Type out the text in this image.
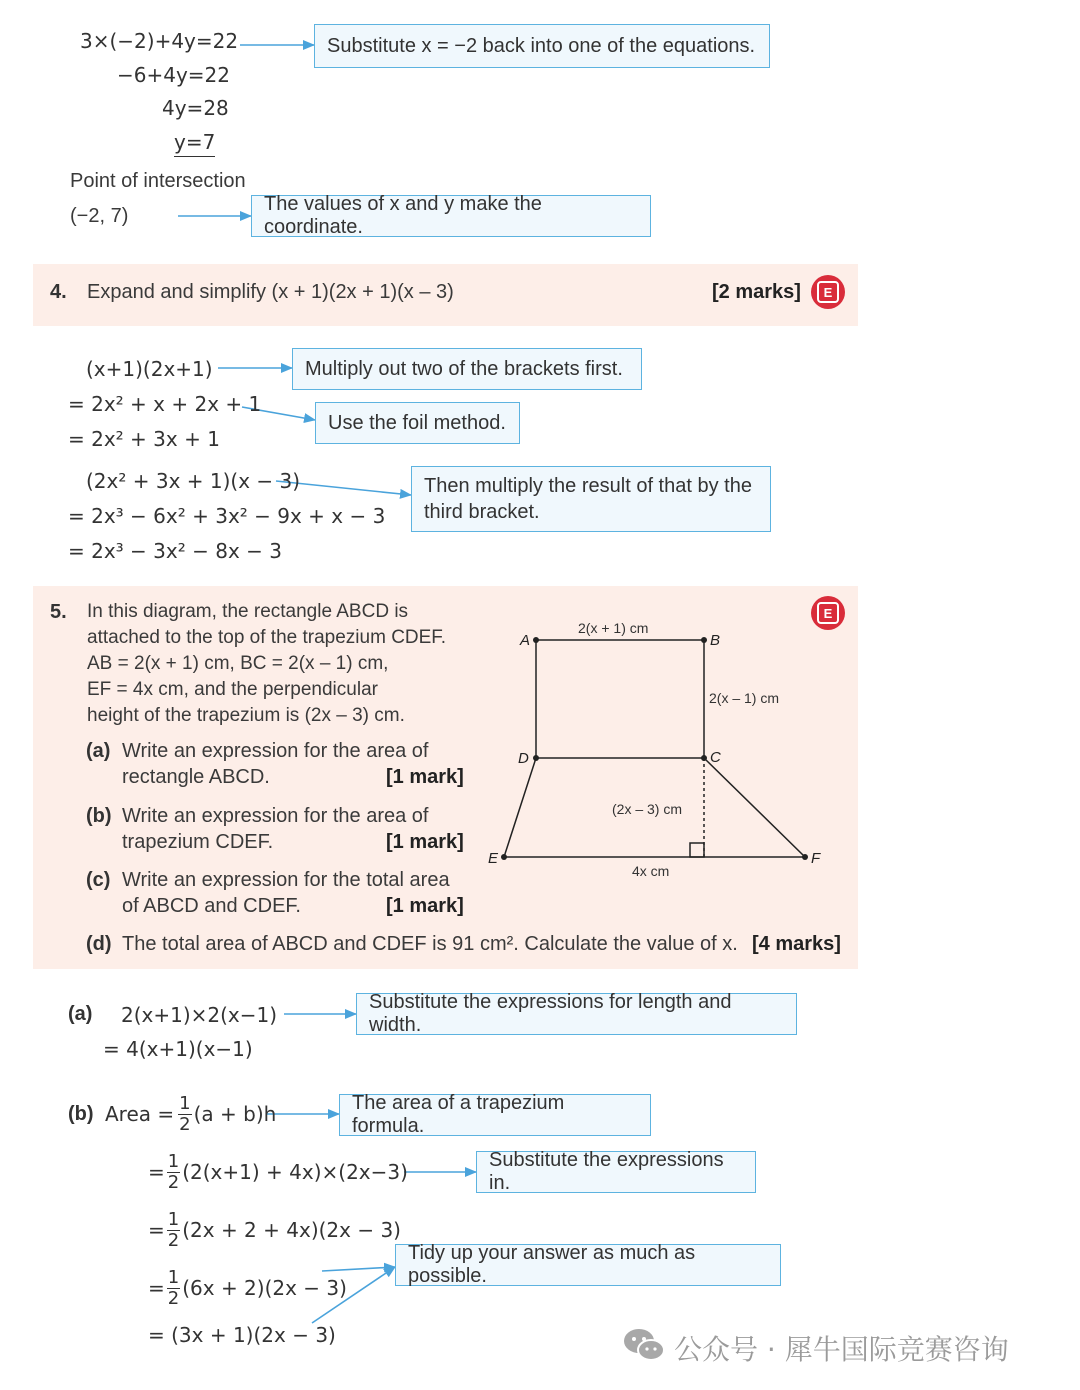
3×(−2)+4y=22
−6+4y=22
4y=28
y=7
Substitute x = −2 back into one of the equations.
Point of intersection
(−2, 7)
The values of x and y make the coordinate.
4. Expand and simplify (x + 1)(2x + 1)(x – 3)	[2 marks]	E
(x+1)(2x+1)
= 2x² + x + 2x + 1
= 2x² + 3x + 1
(2x² + 3x + 1)(x − 3)
= 2x³ − 6x² + 3x² − 9x + x − 3
= 2x³ − 3x² − 8x − 3
Multiply out two of the brackets first.
Use the foil method.
Then multiply the result of that by the third bracket.
5.	E
In this diagram, the rectangle ABCD is
attached to the top of the trapezium CDEF.
AB = 2(x + 1) cm, BC = 2(x – 1) cm,
EF = 4x cm, and the perpendicular
height of the trapezium is (2x – 3) cm.
(a) Write an expression for the area of
rectangle ABCD.	[1 mark]
(b) Write an expression for the area of
trapezium CDEF.	[1 mark]
(c) Write an expression for the total area
of ABCD and CDEF.	[1 mark]
(d) The total area of ABCD and CDEF is 91 cm². Calculate the value of x. [4 marks]
A	B
C
D
E	F
2(x + 1) cm
2(x – 1) cm
(2x – 3) cm
4x cm
(a) 2(x+1)×2(x−1)
= 4(x+1)(x−1)
Substitute the expressions for length and width.
(b) Area = $\frac{1}{2} (a + b)h$	The area of a trapezium formula.
= $\frac{1}{2} (2(x+1) + 4x)\times(2x-3)$	Substitute the expressions in.
= $\frac{1}{2} (2x + 2 + 4x)(2x - 3)$
= $\frac{1}{2} (6x + 2)(2x - 3)$
Tidy up your answer as much as possible.
= (3x + 1)(2x − 3)	公众号 · 犀牛国际竞赛咨询
